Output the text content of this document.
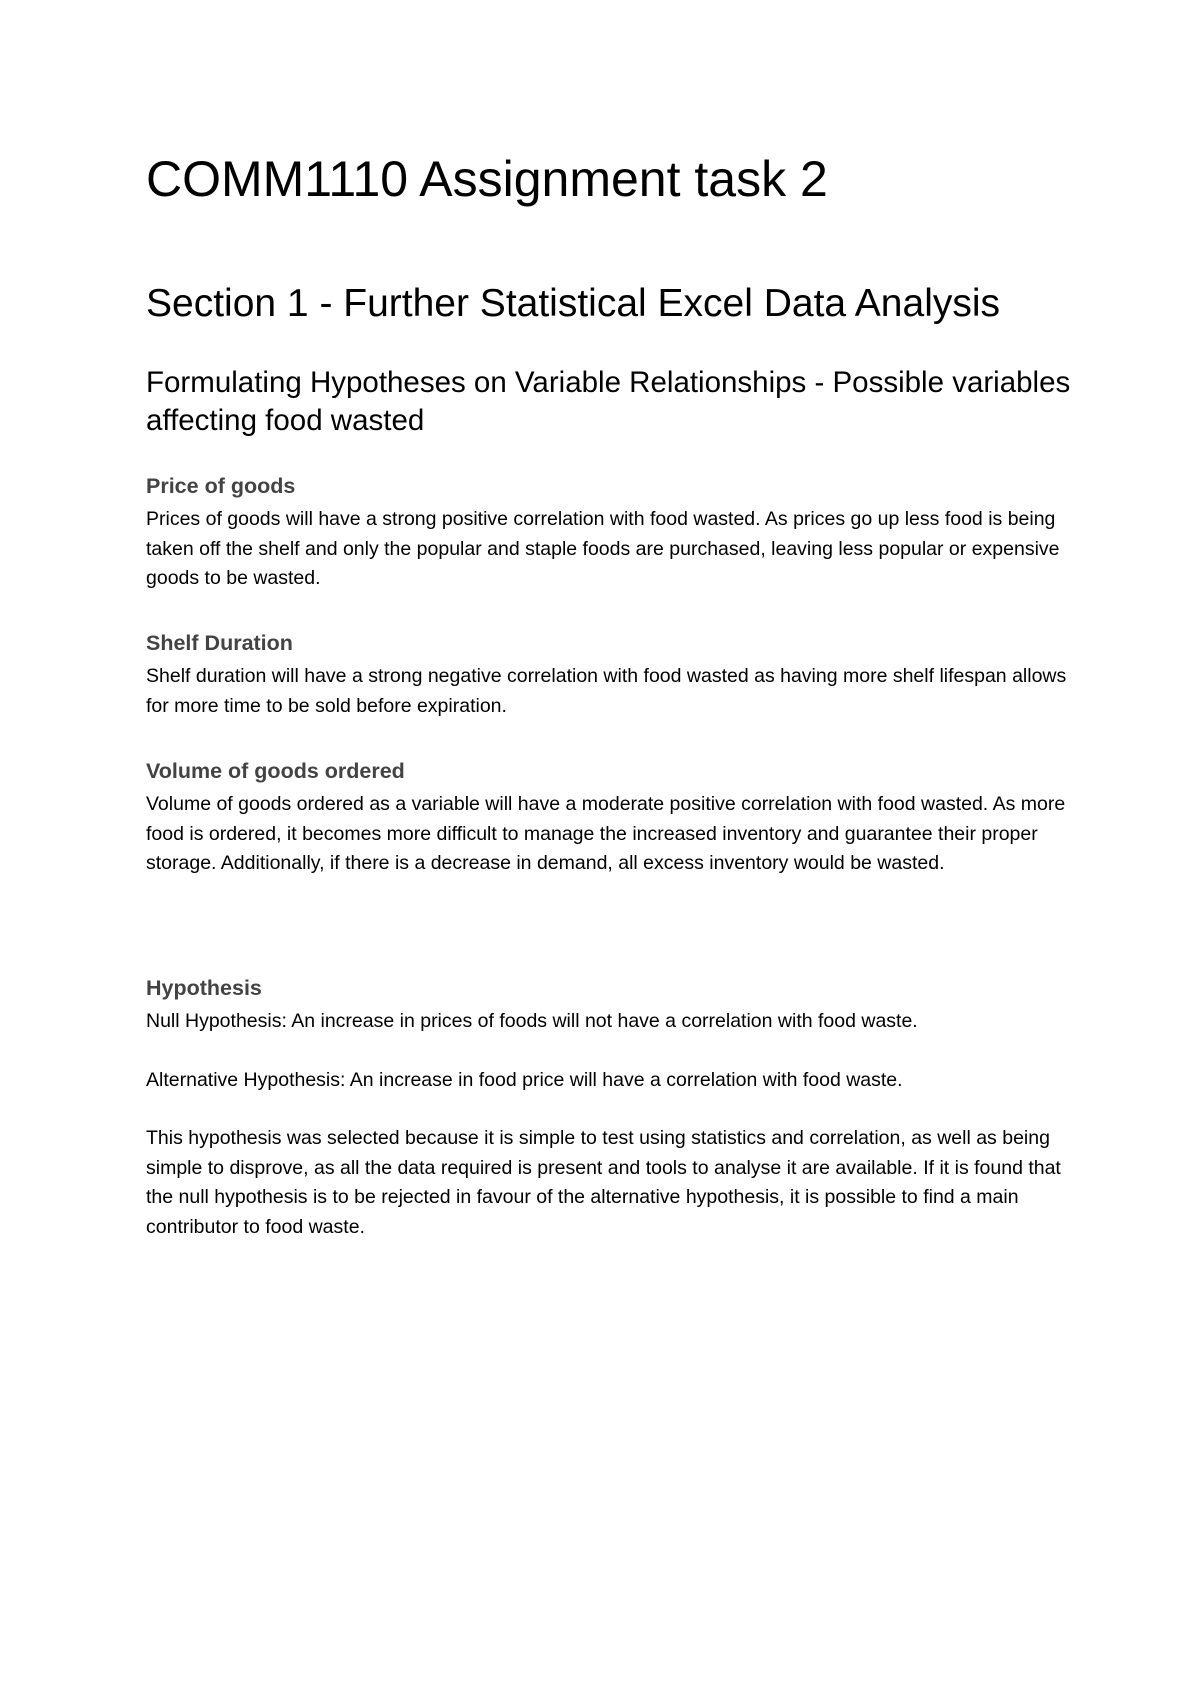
COMM1110 Assignment task 2
Section 1 - Further Statistical Excel Data Analysis
Formulating Hypotheses on Variable Relationships - Possible variables affecting food wasted
Price of goods

Prices of goods will have a strong positive correlation with food wasted. As prices go up less food is being taken off the shelf and only the popular and staple foods are purchased, leaving less popular or expensive goods to be wasted.

Shelf Duration

Shelf duration will have a strong negative correlation with food wasted as having more shelf lifespan allows for more time to be sold before expiration.

Volume of goods ordered

Volume of goods ordered as a variable will have a moderate positive correlation with food wasted. As more food is ordered, it becomes more difficult to manage the increased inventory and guarantee their proper storage. Additionally, if there is a decrease in demand, all excess inventory would be wasted.

Hypothesis

Null Hypothesis: An increase in prices of foods will not have a correlation with food waste.

Alternative Hypothesis: An increase in food price will have a correlation with food waste.

This hypothesis was selected because it is simple to test using statistics and correlation, as well as being simple to disprove, as all the data required is present and tools to analyse it are available. If it is found that the null hypothesis is to be rejected in favour of the alternative hypothesis, it is possible to find a main contributor to food waste.
